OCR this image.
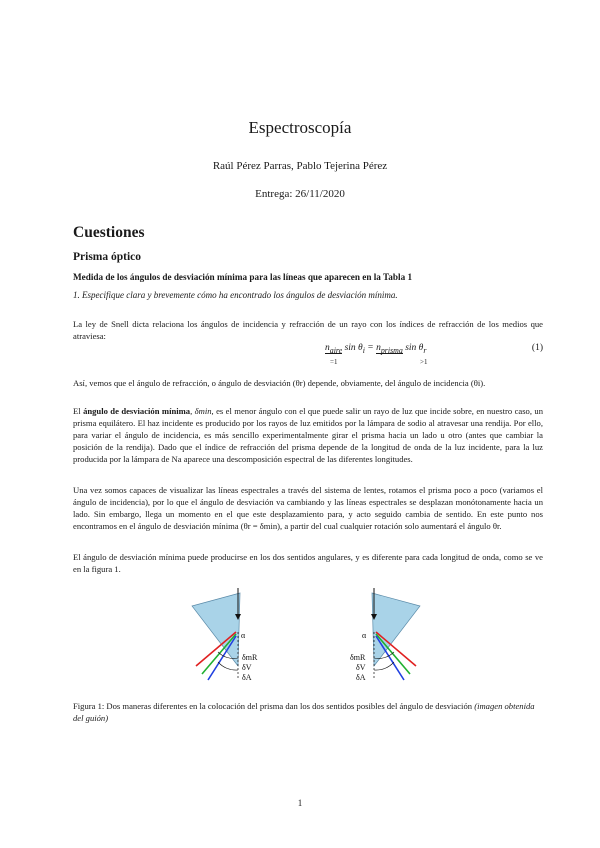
Espectroscopía
Raúl Pérez Parras, Pablo Tejerina Pérez
Entrega: 26/11/2020
Cuestiones
Prisma óptico
Medida de los ángulos de desviación mínima para las líneas que aparecen en la Tabla 1
1. Especifique clara y brevemente cómo ha encontrado los ángulos de desviación mínima.
La ley de Snell dicta relaciona los ángulos de incidencia y refracción de un rayo con los índices de refracción de los medios que atraviesa:
$n_{aire}$ $\sin \theta_i = n_{prisma}$ $\sin \theta_r$
=1	>1
(1)
Así, vemos que el ángulo de refracción, o ángulo de desviación (θr) depende, obviamente, del ángulo de incidencia (θi).
El ángulo de desviación mínima, δmin, es el menor ángulo con el que puede salir un rayo de luz que incide sobre, en nuestro caso, un prisma equilátero. El haz incidente es producido por los rayos de luz emitidos por la lámpara de sodio al atravesar una rendija. Por ello, para variar el ángulo de incidencia, es más sencillo experimentalmente girar el prisma hacia un lado u otro (antes que cambiar la posición de la rendija). Dado que el índice de refracción del prisma depende de la longitud de onda de la luz incidente, para la luz producida por la lámpara de Na aparece una descomposición espectral de las diferentes longitudes.
Una vez somos capaces de visualizar las líneas espectrales a través del sistema de lentes, rotamos el prisma poco a poco (variamos el ángulo de incidencia), por lo que el ángulo de desviación va cambiando y las líneas espectrales se desplazan monótonamente hacia un lado. Sin embargo, llega un momento en el que este desplazamiento para, y acto seguido cambia de sentido. En este punto nos encontramos en el ángulo de desviación mínima (θr = δmin), a partir del cual cualquier rotación solo aumentará el ángulo θr.
El ángulo de desviación mínima puede producirse en los dos sentidos angulares, y es diferente para cada longitud de onda, como se ve en la figura 1.
α
δmR
δV
δA
α
δmR
δV
δA
Figura 1: Dos maneras diferentes en la colocación del prisma dan los dos sentidos posibles del ángulo de desviación (imagen obtenida del guión)
1
